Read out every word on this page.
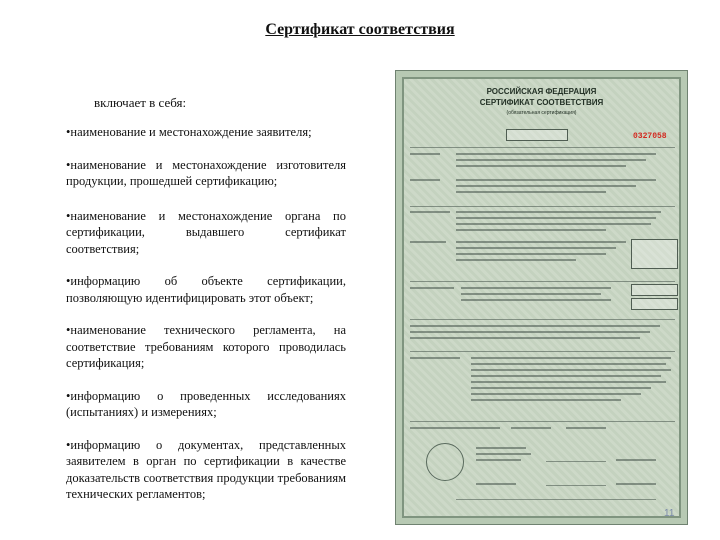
Сертификат соответствия
включает в себя:
•наименование и местонахождение заявителя;
•наименование и местонахождение изготовителя продукции, прошедшей сертификацию;
•наименование и местонахождение органа по сертификации, выдавшего сертификат соответствия;
•информацию об объекте сертификации, позволяющую идентифицировать этот объект;
•наименование технического регламента, на соответствие требованиям которого проводилась сертификация;
•информацию о проведенных исследованиях (испытаниях) и измерениях;
•информацию о документах, представленных заявителем в орган по сертификации в качестве доказательств соответствия продукции требованиям технических регламентов;
РОССИЙСКАЯ ФЕДЕРАЦИЯ
СЕРТИФИКАТ СООТВЕТСТВИЯ
(обязательная сертификация)
0327058
11
